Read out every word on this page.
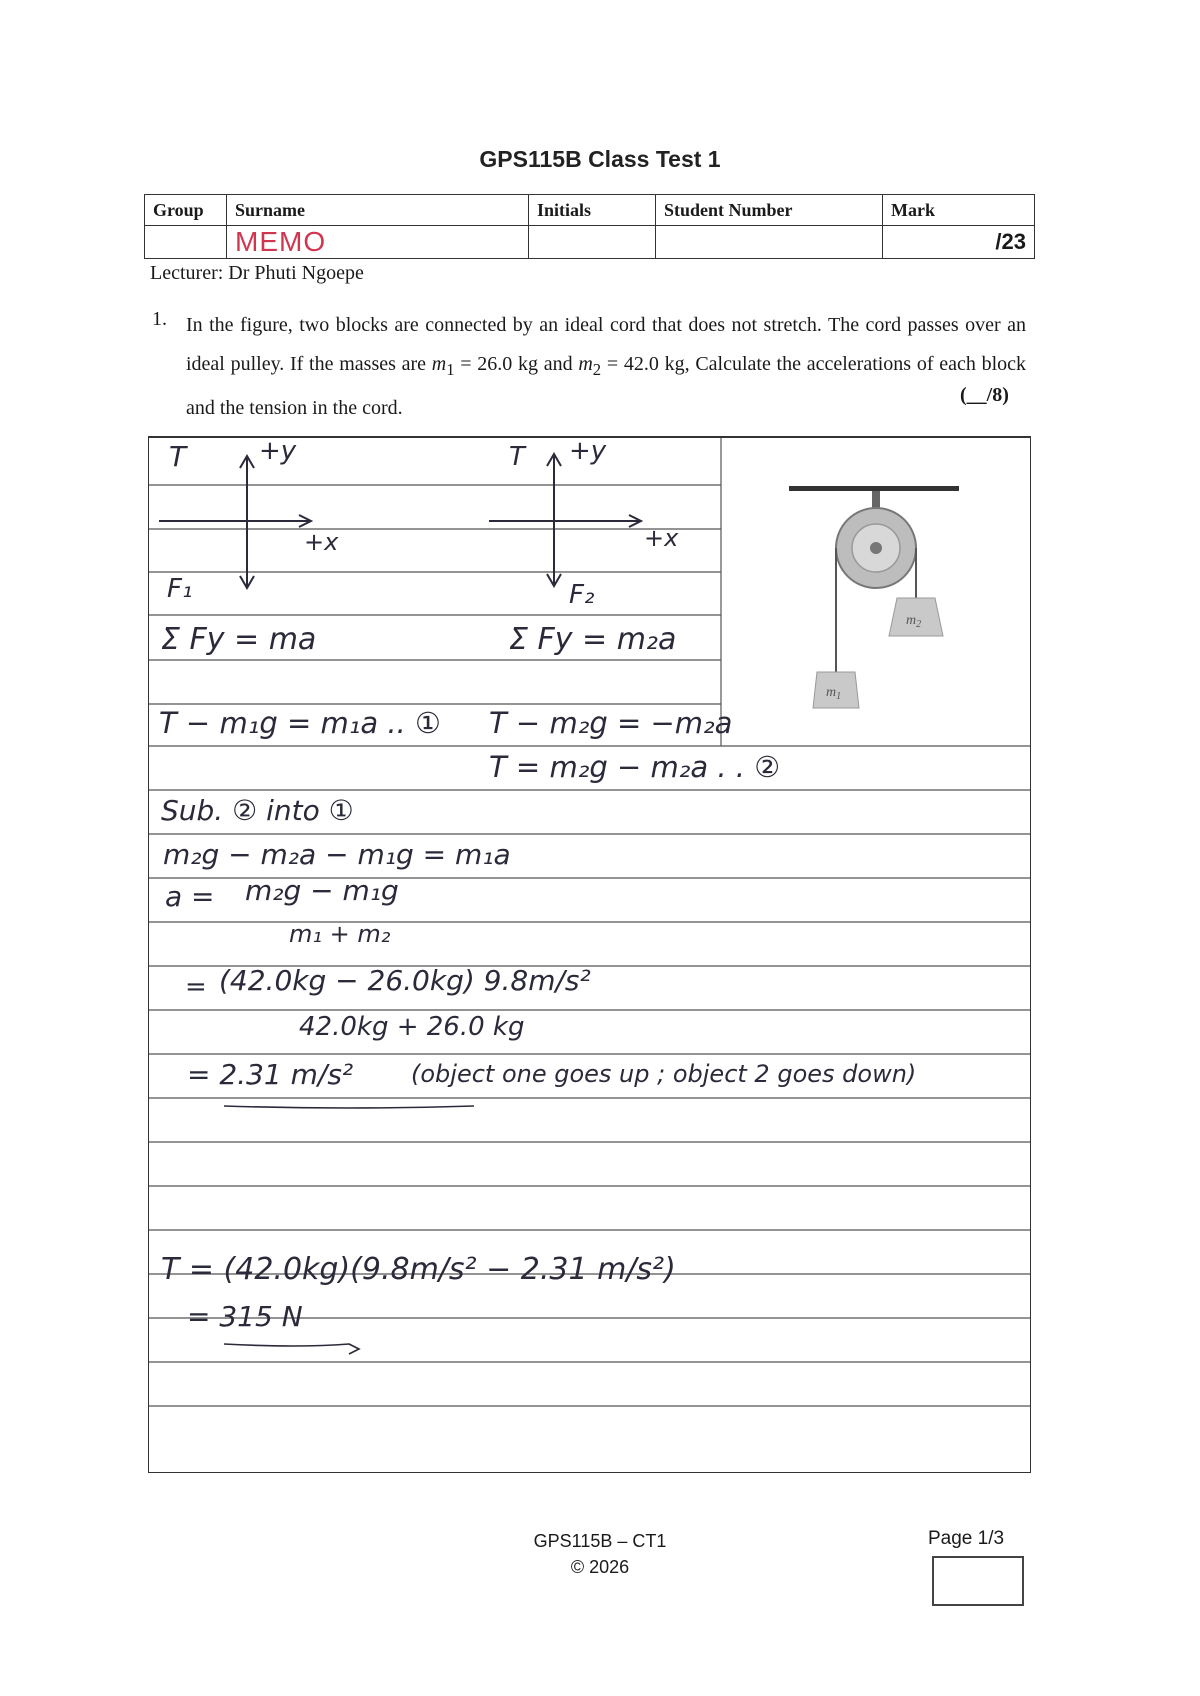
GPS115B Class Test 1
Group	Surname	Initials	Student Number	Mark
	MEMO			/23
Lecturer: Dr Phuti Ngoepe
1. In the figure, two blocks are connected by an ideal cord that does not stretch. The cord passes over an ideal pulley. If the masses are $m_1 = 26.0$ kg and $m_2 = 42.0$ kg, Calculate the accelerations of each block and the tension in the cord.
(__/8)
$m_2$
$m_1$
T	+y
+x
F₁
T +y
+x
F₂
Σ Fy = ma	Σ Fy = m₂a
T − m₁g = m₁a .. ① T − m₂g = −m₂a
T = m₂g − m₂a . . ②
Sub. ② into ①
m₂g − m₂a − m₁g = m₁a
a = m₂g − m₁g
m₁ + m₂
= (42.0kg − 26.0kg) 9.8m/s²
42.0kg + 26.0 kg
= 2.31 m/s² (object one goes up ; object 2 goes down)
T = (42.0kg)(9.8m/s² − 2.31 m/s²)
= 315 N
GPS115B – CT1
© 2026
Page 1/3
